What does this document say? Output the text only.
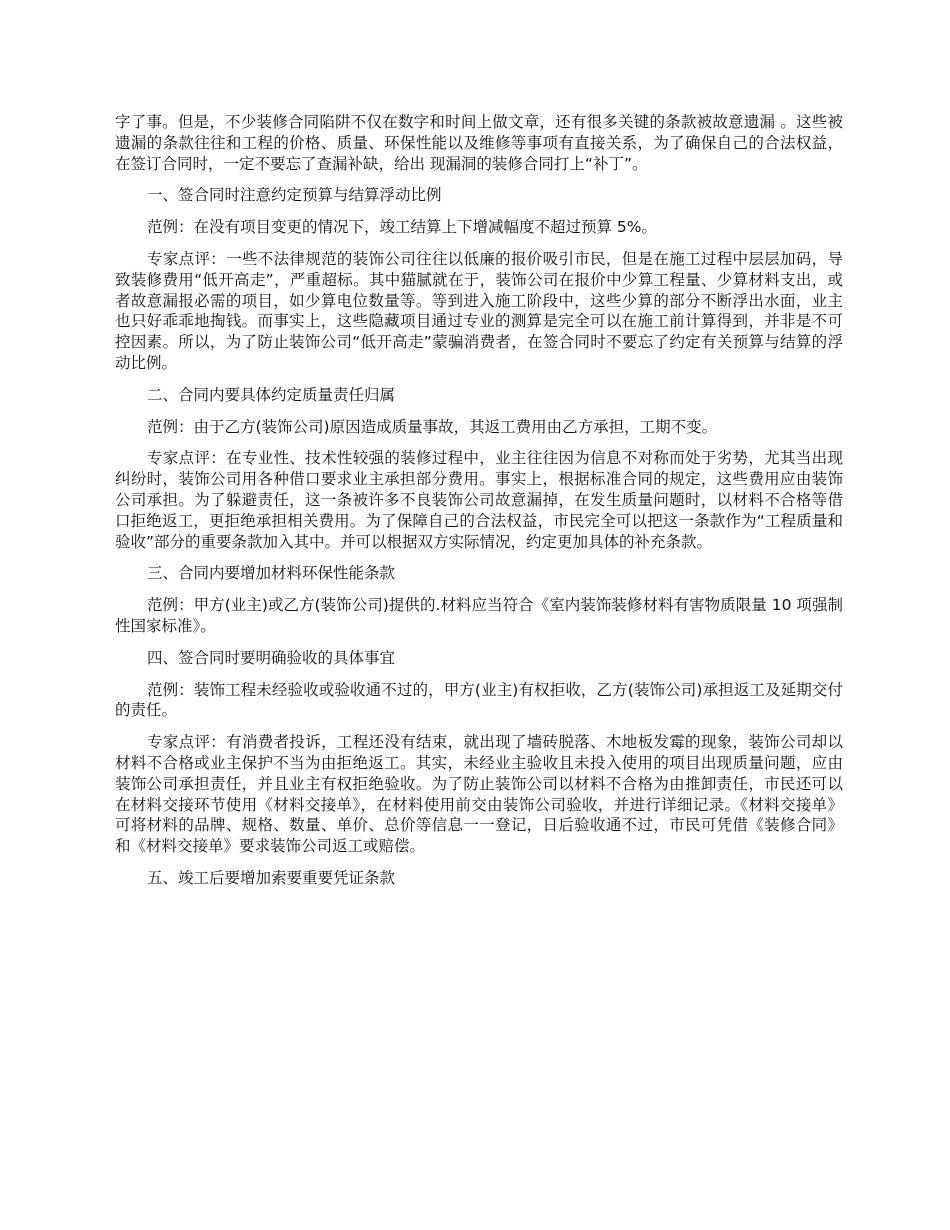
字了事。但是，不少装修合同陷阱不仅在数字和时间上做文章，还有很多关键的条款被故意遗漏 。这些被遗漏的条款往往和工程的价格、质量、环保性能以及维修等事项有直接关系，为了确保自己的合法权益，在签订合同时，一定不要忘了查漏补缺，给出 现漏洞的装修合同打上“补丁”。

一、签合同时注意约定预算与结算浮动比例

范例：在没有项目变更的情况下，竣工结算上下增减幅度不超过预算 5%。

专家点评：一些不法律规范的装饰公司往往以低廉的报价吸引市民，但是在施工过程中层层加码，导致装修费用“低开高走”，严重超标。其中猫腻就在于，装饰公司在报价中少算工程量、少算材料支出，或者故意漏报必需的项目，如少算电位数量等。等到进入施工阶段中，这些少算的部分不断浮出水面，业主也只好乖乖地掏钱。而事实上，这些隐藏项目通过专业的测算是完全可以在施工前计算得到，并非是不可控因素。所以，为了防止装饰公司“低开高走”蒙骗消费者，在签合同时不要忘了约定有关预算与结算的浮动比例。

二、合同内要具体约定质量责任归属

范例：由于乙方(装饰公司)原因造成质量事故，其返工费用由乙方承担，工期不变。

专家点评：在专业性、技术性较强的装修过程中，业主往往因为信息不对称而处于劣势，尤其当出现纠纷时，装饰公司用各种借口要求业主承担部分费用。事实上，根据标准合同的规定，这些费用应由装饰公司承担。为了躲避责任，这一条被许多不良装饰公司故意漏掉，在发生质量问题时，以材料不合格等借口拒绝返工，更拒绝承担相关费用。为了保障自己的合法权益，市民完全可以把这一条款作为“工程质量和验收”部分的重要条款加入其中。并可以根据双方实际情况，约定更加具体的补充条款。

三、合同内要增加材料环保性能条款

范例：甲方(业主)或乙方(装饰公司)提供的.材料应当符合《室内装饰装修材料有害物质限量 10 项强制性国家标准》。

四、签合同时要明确验收的具体事宜

范例：装饰工程未经验收或验收通不过的，甲方(业主)有权拒收，乙方(装饰公司)承担返工及延期交付的责任。

专家点评：有消费者投诉，工程还没有结束，就出现了墙砖脱落、木地板发霉的现象，装饰公司却以材料不合格或业主保护不当为由拒绝返工。其实，未经业主验收且未投入使用的项目出现质量问题，应由装饰公司承担责任，并且业主有权拒绝验收。为了防止装饰公司以材料不合格为由推卸责任，市民还可以在材料交接环节使用《材料交接单》，在材料使用前交由装饰公司验收，并进行详细记录。《材料交接单》可将材料的品牌、规格、数量、单价、总价等信息一一登记，日后验收通不过，市民可凭借《装修合同》和《材料交接单》要求装饰公司返工或赔偿。

五、竣工后要增加索要重要凭证条款
